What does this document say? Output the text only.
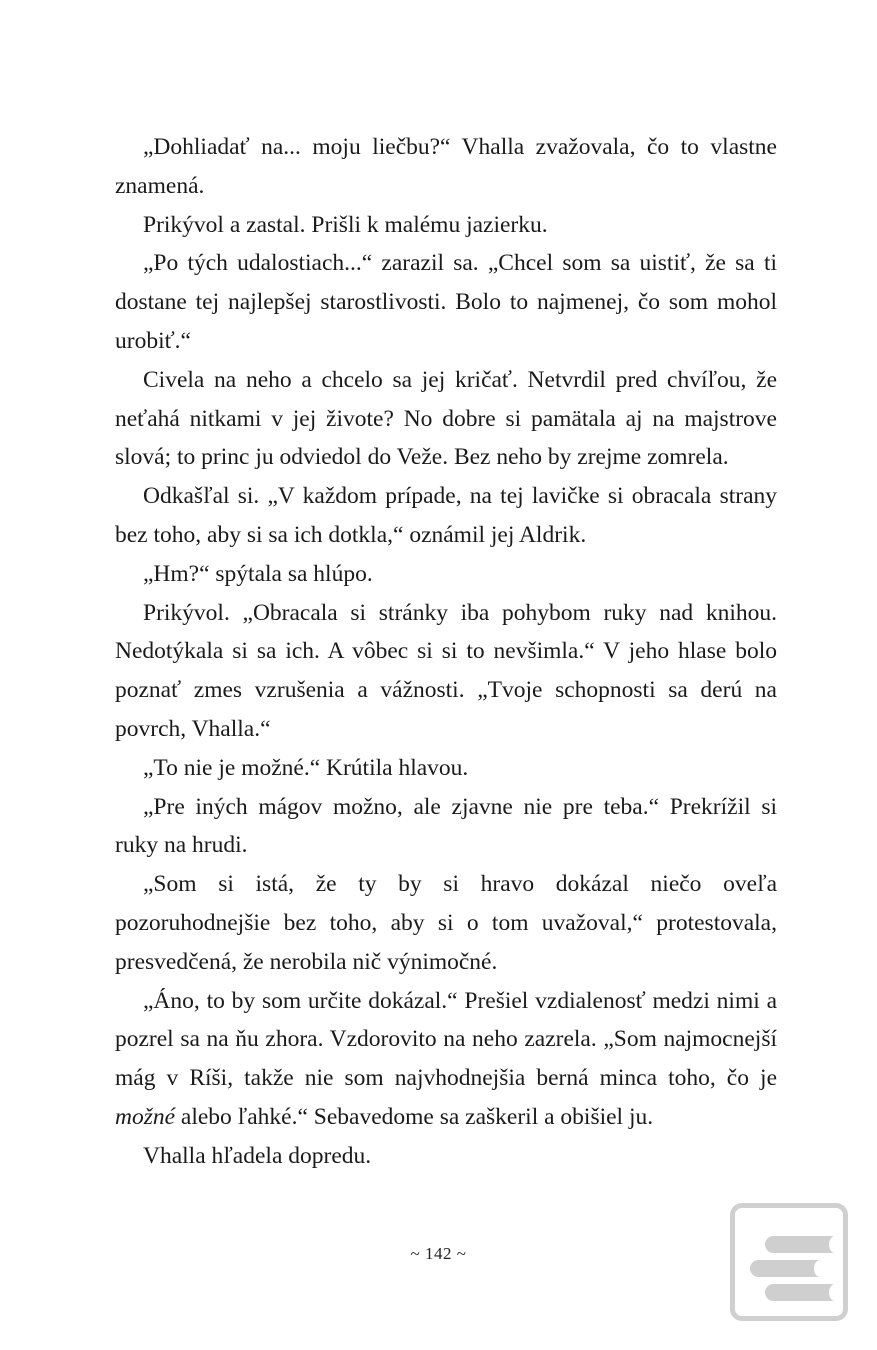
„Dohliadať na... moju liečbu?“ Vhalla zvažovala, čo to vlastne znamená.

Prikývol a zastal. Prišli k malému jazierku.

„Po tých udalostiach...“ zarazil sa. „Chcel som sa uistiť, že sa ti dostane tej najlepšej starostlivosti. Bolo to najmenej, čo som mohol urobiť.“

Civela na neho a chcelo sa jej kričať. Netvrdil pred chvíľou, že neťahá nitkami v jej živote? No dobre si pamätala aj na majstrove slová; to princ ju odviedol do Veže. Bez neho by zrejme zomrela.

Odkašľal si. „V každom prípade, na tej lavičke si obracala strany bez toho, aby si sa ich dotkla,“ oznámil jej Aldrik.

„Hm?“ spýtala sa hlúpo.

Prikývol. „Obracala si stránky iba pohybom ruky nad knihou. Nedotýkala si sa ich. A vôbec si si to nevšimla.“ V jeho hlase bolo poznať zmes vzrušenia a vážnosti. „Tvoje schopnosti sa derú na povrch, Vhalla.“

„To nie je možné.“ Krútila hlavou.

„Pre iných mágov možno, ale zjavne nie pre teba.“ Prekrížil si ruky na hrudi.

„Som si istá, že ty by si hravo dokázal niečo oveľa pozoruhodnejšie bez toho, aby si o tom uvažoval,“ protestovala, presvedčená, že nerobila nič výnimočné.

„Áno, to by som určite dokázal.“ Prešiel vzdialenosť medzi nimi a pozrel sa na ňu zhora. Vzdorovito na neho zazrela. „Som najmocnejší mág v Ríši, takže nie som najvhodnejšia berná minca toho, čo je možné alebo ľahké.“ Sebavedome sa zaškeril a obišiel ju.

Vhalla hľadela dopredu.

~ 142 ~
